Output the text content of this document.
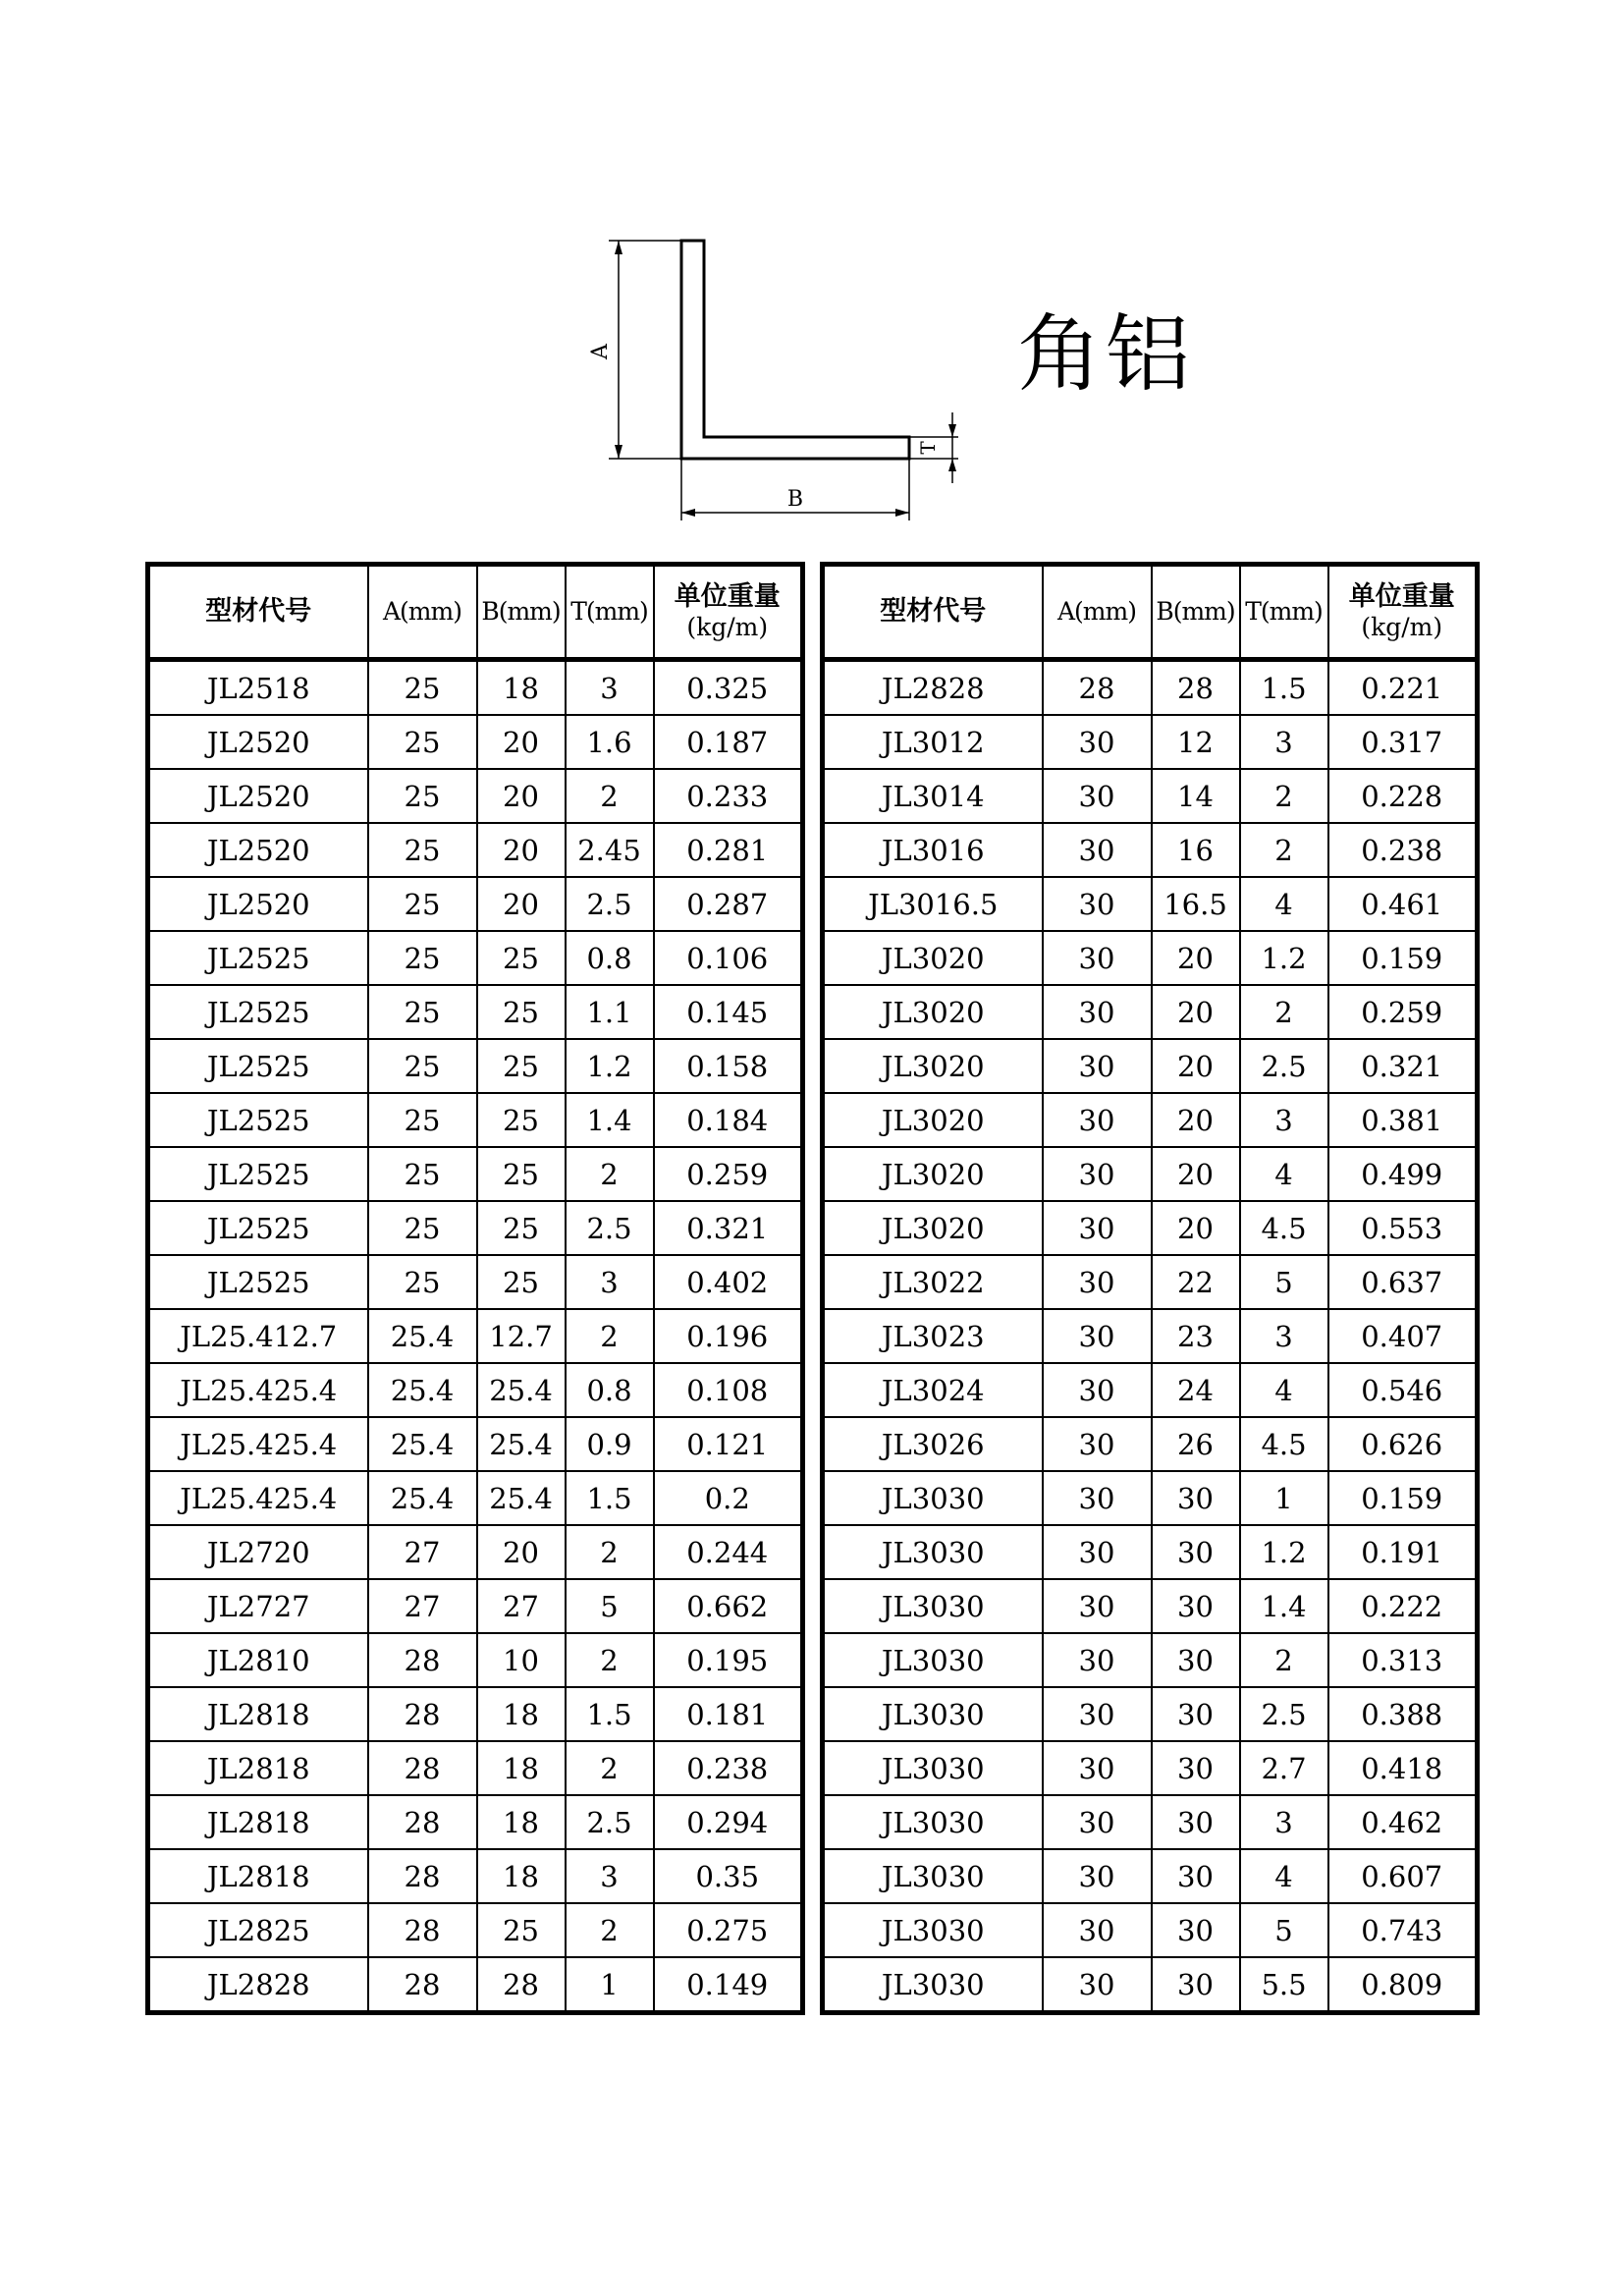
A
B
T
角铝
型材代号	A(mm)	B(mm)	T(mm)	单位重量
(kg/m)

JL2518	25	18	3	0.325
JL2520	25	20	1.6	0.187
JL2520	25	20	2	0.233
JL2520	25	20	2.45	0.281
JL2520	25	20	2.5	0.287
JL2525	25	25	0.8	0.106
JL2525	25	25	1.1	0.145
JL2525	25	25	1.2	0.158
JL2525	25	25	1.4	0.184
JL2525	25	25	2	0.259
JL2525	25	25	2.5	0.321
JL2525	25	25	3	0.402
JL25.412.7	25.4	12.7	2	0.196
JL25.425.4	25.4	25.4	0.8	0.108
JL25.425.4	25.4	25.4	0.9	0.121
JL25.425.4	25.4	25.4	1.5	0.2
JL2720	27	20	2	0.244
JL2727	27	27	5	0.662
JL2810	28	10	2	0.195
JL2818	28	18	1.5	0.181
JL2818	28	18	2	0.238
JL2818	28	18	2.5	0.294
JL2818	28	18	3	0.35
JL2825	28	25	2	0.275
JL2828	28	28	1	0.149
型材代号	A(mm)	B(mm)	T(mm)	单位重量
(kg/m)

JL2828	28	28	1.5	0.221
JL3012	30	12	3	0.317
JL3014	30	14	2	0.228
JL3016	30	16	2	0.238
JL3016.5	30	16.5	4	0.461
JL3020	30	20	1.2	0.159
JL3020	30	20	2	0.259
JL3020	30	20	2.5	0.321
JL3020	30	20	3	0.381
JL3020	30	20	4	0.499
JL3020	30	20	4.5	0.553
JL3022	30	22	5	0.637
JL3023	30	23	3	0.407
JL3024	30	24	4	0.546
JL3026	30	26	4.5	0.626
JL3030	30	30	1	0.159
JL3030	30	30	1.2	0.191
JL3030	30	30	1.4	0.222
JL3030	30	30	2	0.313
JL3030	30	30	2.5	0.388
JL3030	30	30	2.7	0.418
JL3030	30	30	3	0.462
JL3030	30	30	4	0.607
JL3030	30	30	5	0.743
JL3030	30	30	5.5	0.809
